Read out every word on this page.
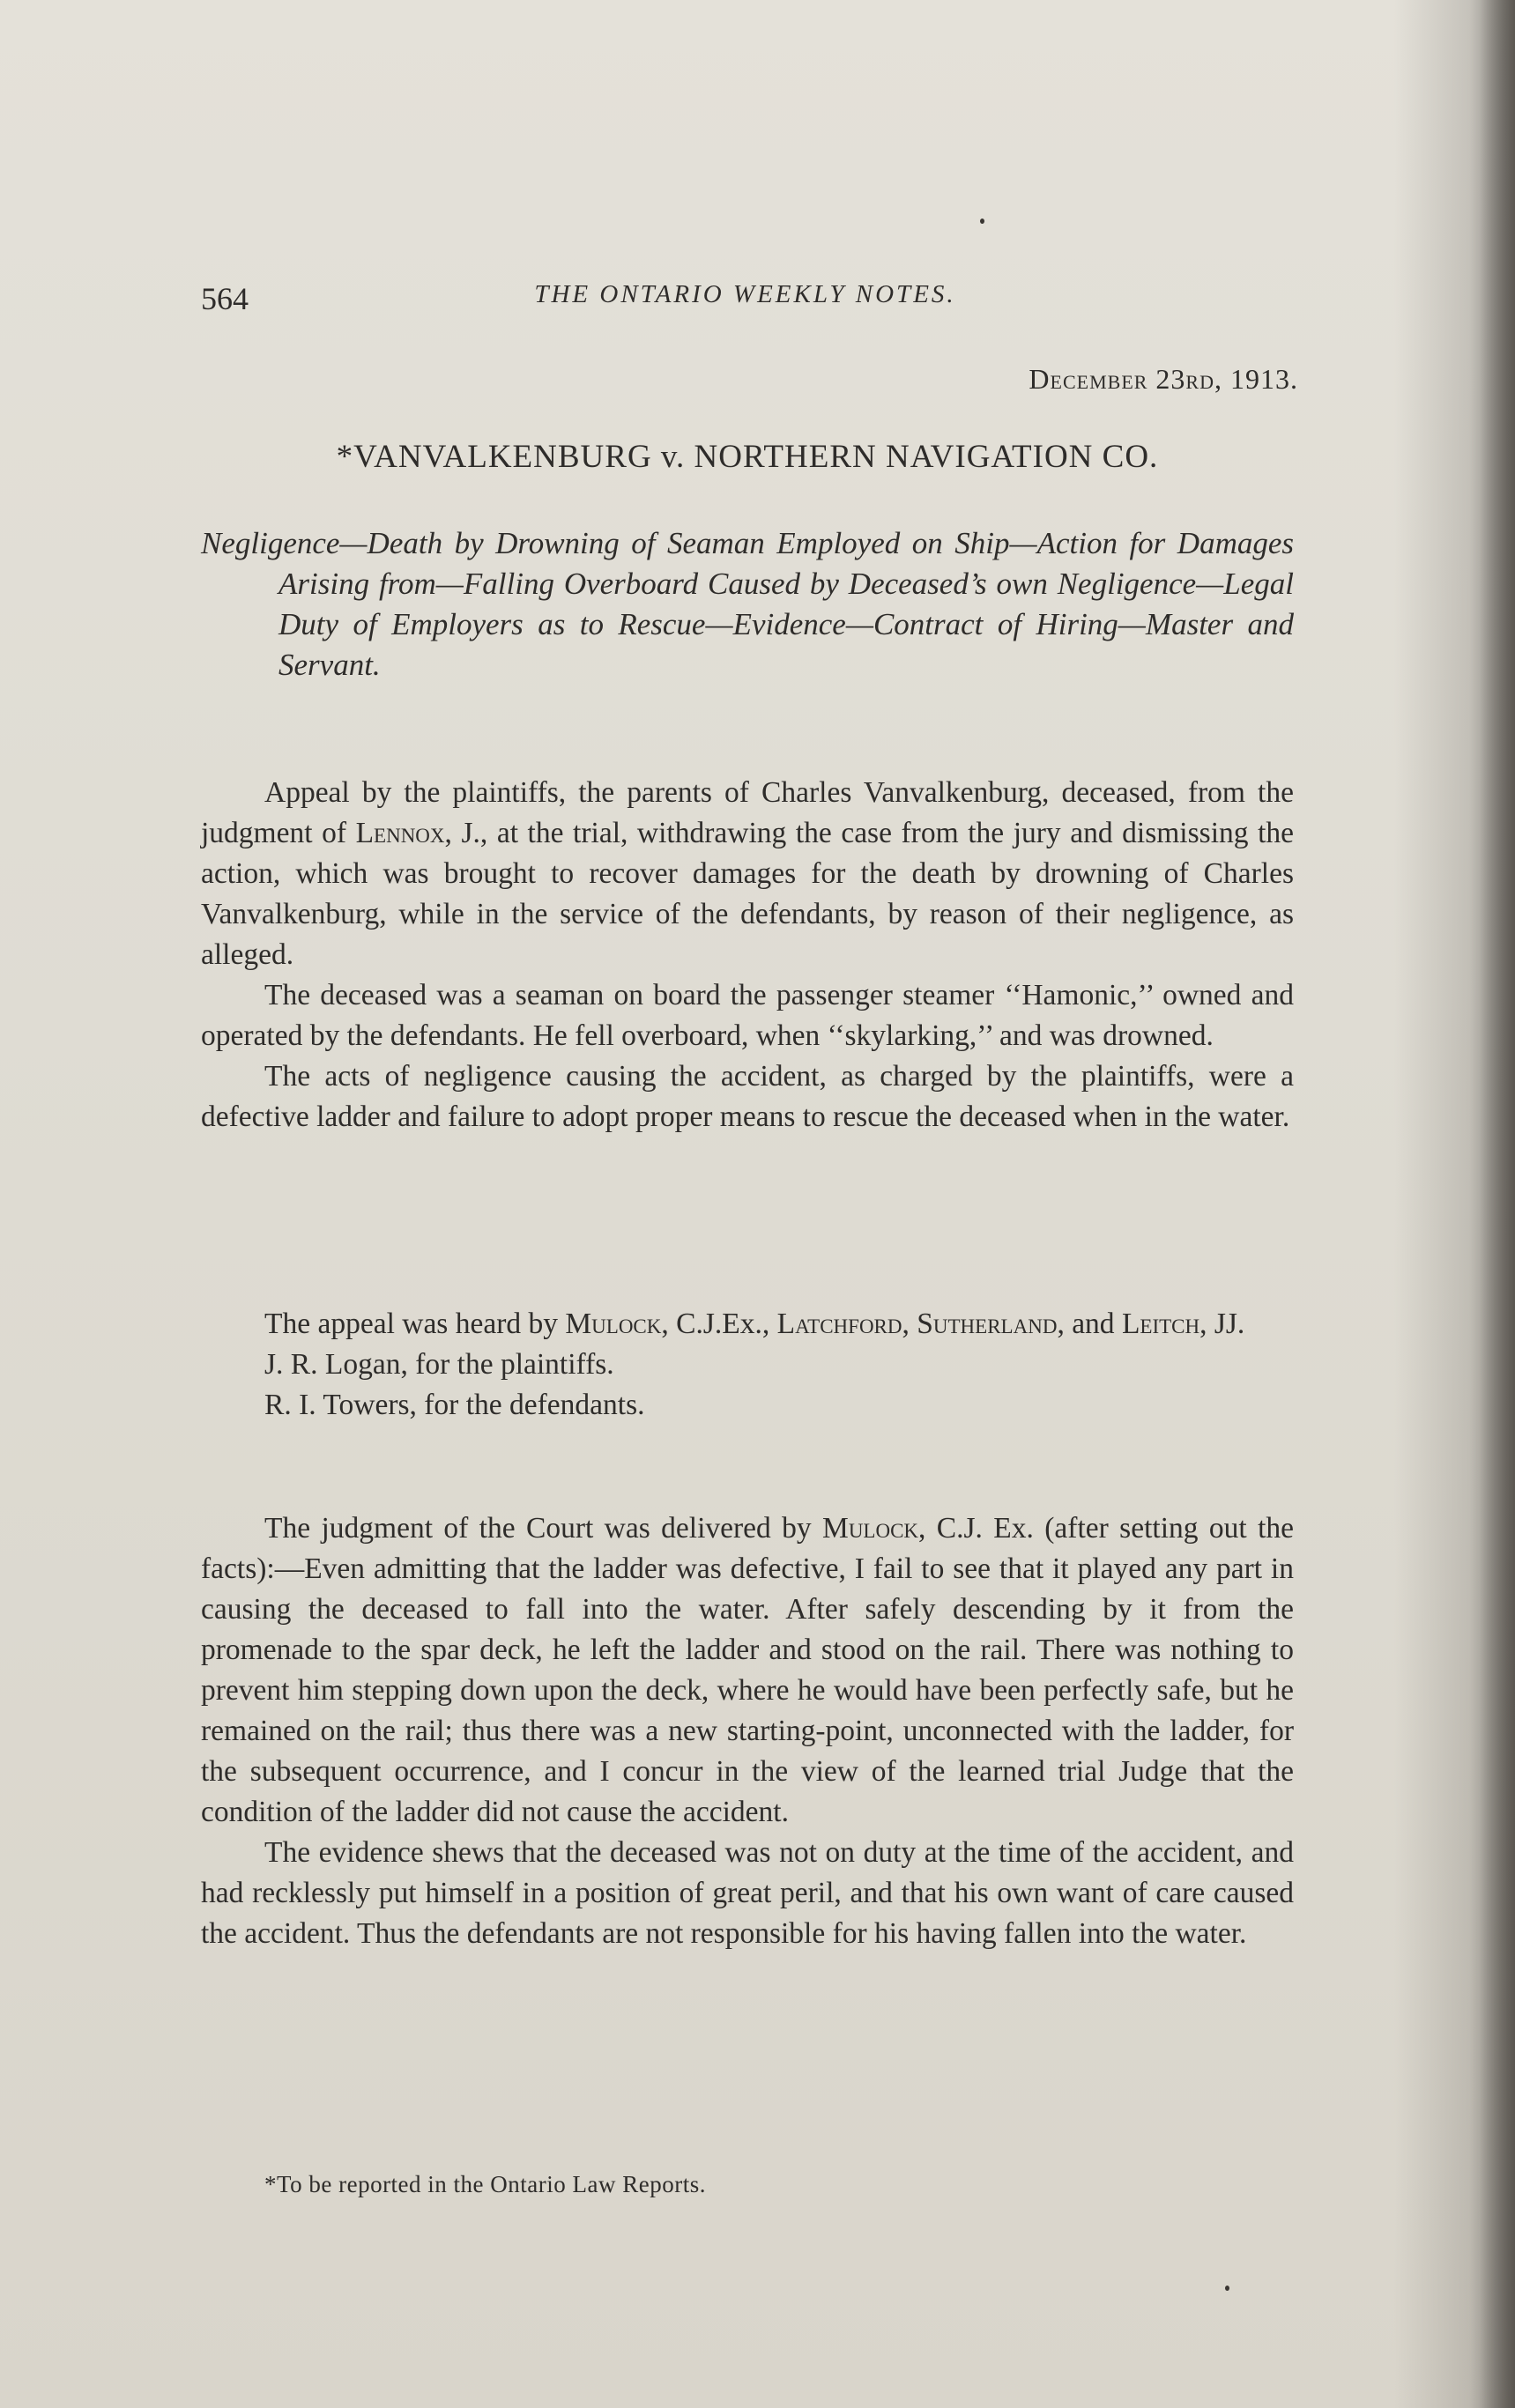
564	THE ONTARIO WEEKLY NOTES.
December 23rd, 1913.
*VANVALKENBURG v. NORTHERN NAVIGATION CO.
Negligence—Death by Drowning of Seaman Employed on Ship—Action for Damages Arising from—Falling Overboard Caused by Deceased’s own Negligence—Legal Duty of Employers as to Rescue—Evidence—Contract of Hiring—Master and Servant.

Appeal by the plaintiffs, the parents of Charles Vanvalkenburg, deceased, from the judgment of Lennox, J., at the trial, withdrawing the case from the jury and dismissing the action, which was brought to recover damages for the death by drowning of Charles Vanvalkenburg, while in the service of the defendants, by reason of their negligence, as alleged.

The deceased was a seaman on board the passenger steamer ‘‘Hamonic,’’ owned and operated by the defendants. He fell overboard, when ‘‘skylarking,’’ and was drowned.

The acts of negligence causing the accident, as charged by the plaintiffs, were a defective ladder and failure to adopt proper means to rescue the deceased when in the water.

The appeal was heard by Mulock, C.J.Ex., Latchford, Sutherland, and Leitch, JJ.

J. R. Logan, for the plaintiffs.

R. I. Towers, for the defendants.

The judgment of the Court was delivered by Mulock, C.J. Ex. (after setting out the facts):—Even admitting that the ladder was defective, I fail to see that it played any part in causing the deceased to fall into the water. After safely descending by it from the promenade to the spar deck, he left the ladder and stood on the rail. There was nothing to prevent him stepping down upon the deck, where he would have been perfectly safe, but he remained on the rail; thus there was a new starting-point, unconnected with the ladder, for the subsequent occurrence, and I concur in the view of the learned trial Judge that the condition of the ladder did not cause the accident.

The evidence shews that the deceased was not on duty at the time of the accident, and had recklessly put himself in a position of great peril, and that his own want of care caused the accident. Thus the defendants are not responsible for his having fallen into the water.

*To be reported in the Ontario Law Reports.
